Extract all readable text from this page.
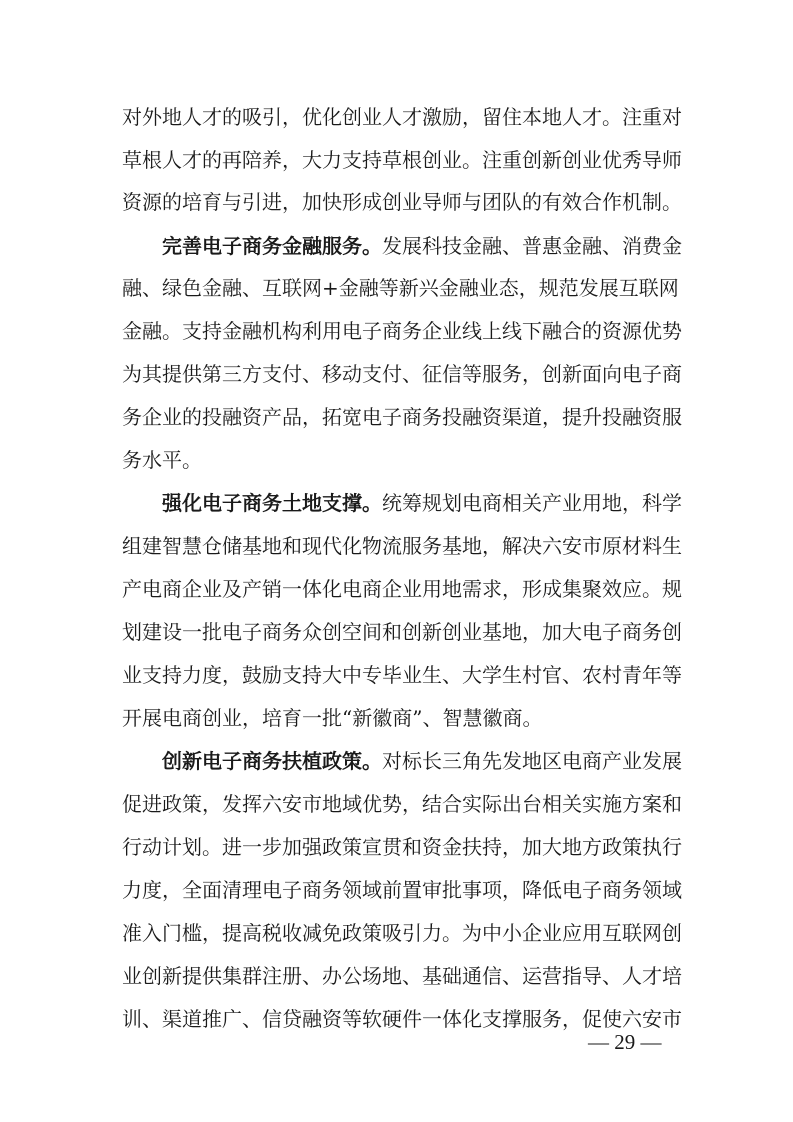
对外地人才的吸引，优化创业人才激励，留住本地人才。注重对
草根人才的再陪养，大力支持草根创业。注重创新创业优秀导师
资源的培育与引进，加快形成创业导师与团队的有效合作机制。
完善电子商务金融服务。发展科技金融、普惠金融、消费金
融、绿色金融、互联网+金融等新兴金融业态，规范发展互联网
金融。支持金融机构利用电子商务企业线上线下融合的资源优势
为其提供第三方支付、移动支付、征信等服务，创新面向电子商
务企业的投融资产品，拓宽电子商务投融资渠道，提升投融资服
务水平。
强化电子商务土地支撑。统筹规划电商相关产业用地，科学
组建智慧仓储基地和现代化物流服务基地，解决六安市原材料生
产电商企业及产销一体化电商企业用地需求，形成集聚效应。规
划建设一批电子商务众创空间和创新创业基地，加大电子商务创
业支持力度，鼓励支持大中专毕业生、大学生村官、农村青年等
开展电商创业，培育一批“新徽商”、智慧徽商。
创新电子商务扶植政策。对标长三角先发地区电商产业发展
促进政策，发挥六安市地域优势，结合实际出台相关实施方案和
行动计划。进一步加强政策宣贯和资金扶持，加大地方政策执行
力度，全面清理电子商务领域前置审批事项，降低电子商务领域
准入门槛，提高税收减免政策吸引力。为中小企业应用互联网创
业创新提供集群注册、办公场地、基础通信、运营指导、人才培
训、渠道推广、信贷融资等软硬件一体化支撑服务，促使六安市
— 29 —
